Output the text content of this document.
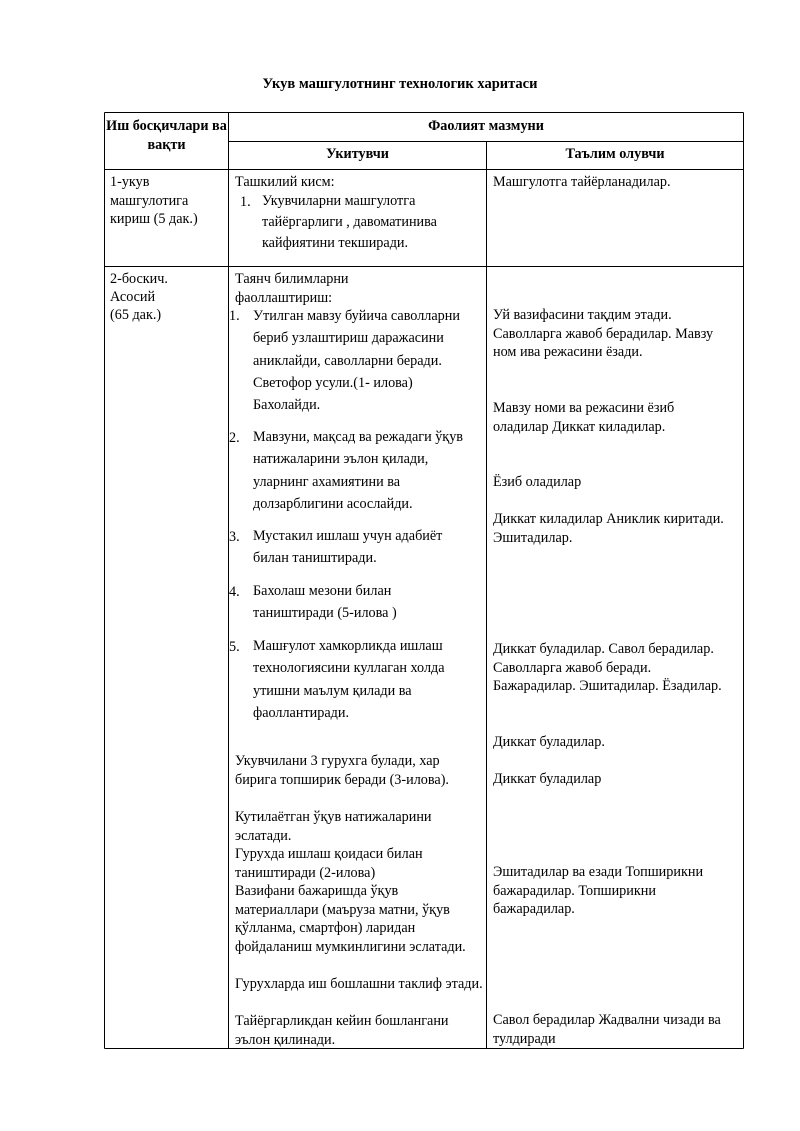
Укув машгулотнинг технологик харитаси
Иш босқичлари ва вақти
Фаолият мазмуни
Укитувчи	Таълим олувчи
1-укув машгулотига кириш (5 дак.)
Ташкилий кисм:
1. Укувчиларни машгулотга тайёргарлиги , давоматинива кайфиятини текширади.
Машгулотга тайёрланадилар.
2-боскич.
Асосий
(65 дак.)
Таянч билимларни фаоллаштириш:
1. Утилган мавзу буйича саволларни бериб узлаштириш даражасини аниклайди, саволларни беради. Светофор усули.(1- илова) Бахолайди.
2. Мавзуни, мақсад ва режадаги ўқув натижаларини эълон қилади, уларнинг ахамиятини ва долзарблигини асослайди.
3. Мустакил ишлаш учун адабиёт билан таништиради.
4. Бахолаш мезони билан таништиради (5-илова )
5. Машғулот хамкорликда ишлаш технологиясини куллаган холда утишни маълум қилади ва фаоллантиради.
Укувчилани 3 гурухга булади, хар бирига топширик беради (3-илова).
Кутилаётган ўқув натижаларини эслатади.
Гурухда ишлаш қоидаси билан таништиради (2-илова)
Вазифани бажаришда ўқув материаллари (маъруза матни, ўқув қўлланма, смартфон) ларидан фойдаланиш мумкинлигини эслатади.
Гурухларда иш бошлашни таклиф этади.
Тайёргарликдан кейин бошлангани эълон қилинади.
Уй вазифасини тақдим этади. Саволларга жавоб берадилар. Мавзу ном ива режасини ёзади.
Мавзу номи ва режасини ёзиб оладилар Диккат киладилар.
Ёзиб оладилар
Диккат киладилар Аниклик киритади. Эшитадилар.
Диккат буладилар. Савол берадилар. Саволларга жавоб беради. Бажарадилар. Эшитадилар. Ёзадилар.
Диккат буладилар.
Диккат буладилар
Эшитадилар ва езади Топширикни бажарадилар. Топширикни бажарадилар.
Савол берадилар Жадвални чизади ва тулдиради
